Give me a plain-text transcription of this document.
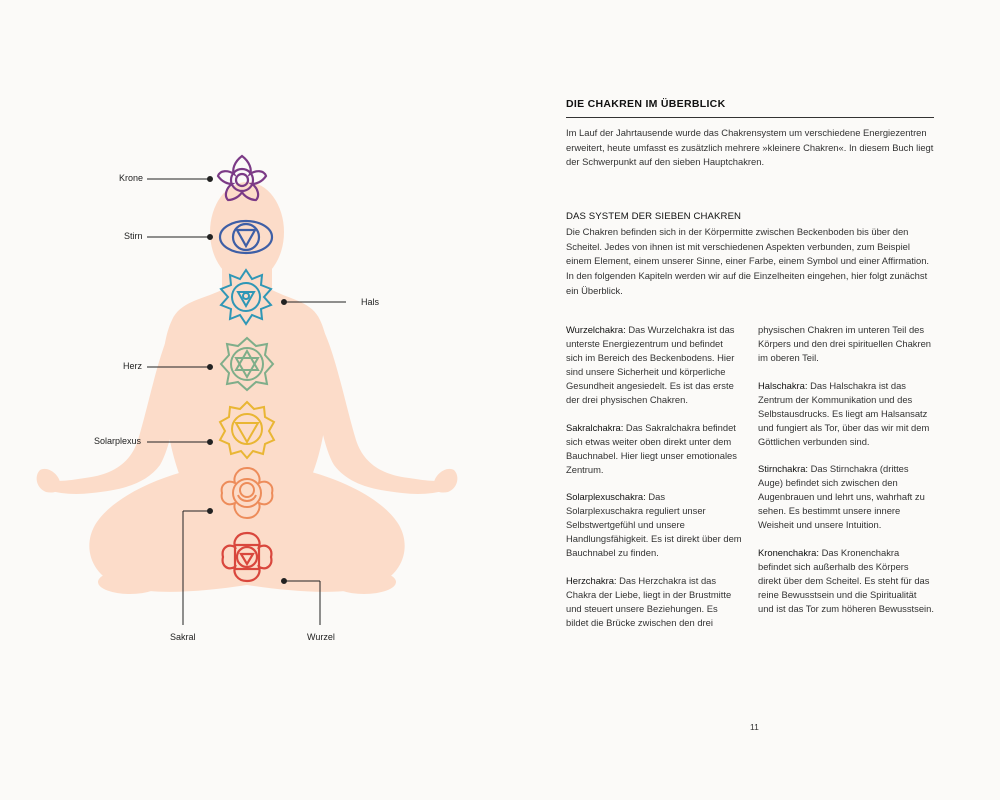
Krone
Stirn
Hals
Herz
Solarplexus
Sakral	Wurzel
DIE CHAKREN IM ÜBERBLICK
Im Lauf der Jahrtausende wurde das Chakrensystem um verschiedene Energiezentren erweitert, heute umfasst es zusätzlich mehrere »kleinere Chakren«. In diesem Buch liegt der Schwerpunkt auf den sieben Hauptchakren.
DAS SYSTEM DER SIEBEN CHAKREN
Die Chakren befinden sich in der Körpermitte zwischen Beckenboden bis über den Scheitel. Jedes von ihnen ist mit verschiedenen Aspekten verbunden, zum Beispiel einem Element, einem unserer Sinne, einer Farbe, einem Symbol und einer Affirmation. In den folgenden Kapiteln werden wir auf die Einzelheiten eingehen, hier folgt zunächst ein Überblick.

Wurzelchakra: Das Wurzelchakra ist das unterste Energiezentrum und befindet sich im Bereich des Beckenbodens. Hier sind unsere Sicherheit und körperliche Gesundheit angesiedelt. Es ist das erste der drei physischen Chakren.

Sakralchakra: Das Sakralchakra befindet sich etwas weiter oben direkt unter dem Bauchnabel. Hier liegt unser emotionales Zentrum.

Solarplexuschakra: Das Solarplexuschakra reguliert unser Selbstwertgefühl und unsere Handlungsfähigkeit. Es ist direkt über dem Bauchnabel zu finden.

Herzchakra: Das Herzchakra ist das Chakra der Liebe, liegt in der Brustmitte und steuert unsere Beziehungen. Es bildet die Brücke zwischen den drei

physischen Chakren im unteren Teil des Körpers und den drei spirituellen Chakren im oberen Teil.

Halschakra: Das Halschakra ist das Zentrum der Kommunikation und des Selbstausdrucks. Es liegt am Halsansatz und fungiert als Tor, über das wir mit dem Göttlichen verbunden sind.

Stirnchakra: Das Stirnchakra (drittes Auge) befindet sich zwischen den Augenbrauen und lehrt uns, wahrhaft zu sehen. Es bestimmt unsere innere Weisheit und unsere Intuition.

Kronenchakra: Das Kronenchakra befindet sich außerhalb des Körpers direkt über dem Scheitel. Es steht für das reine Bewusstsein und die Spiritualität und ist das Tor zum höheren Bewusstsein.

11
